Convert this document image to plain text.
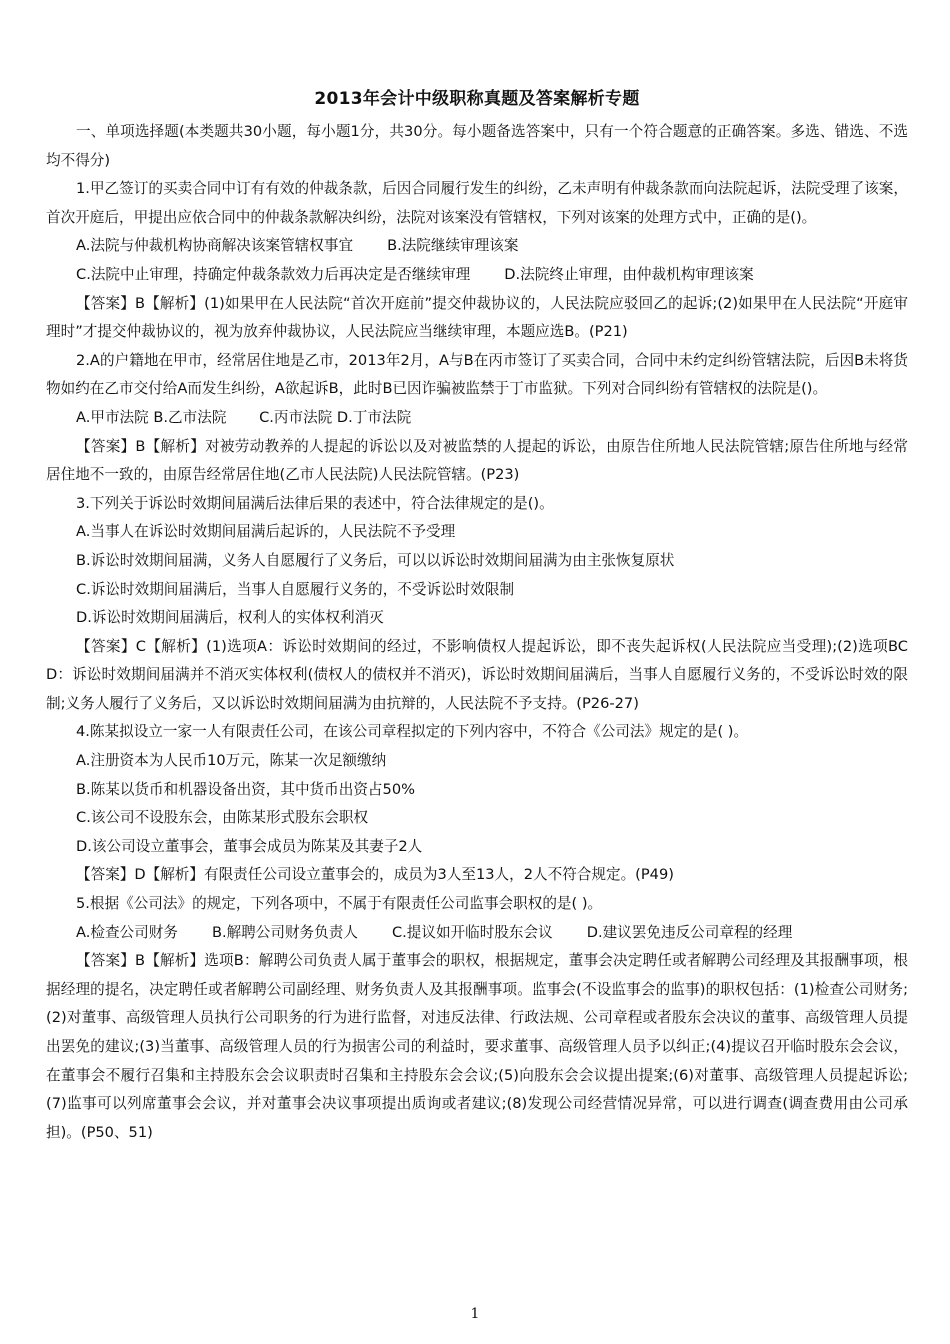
2013年会计中级职称真题及答案解析专题

一、单项选择题(本类题共30小题，每小题1分，共30分。每小题备选答案中，只有一个符合题意的正确答案。多选、错选、不选均不得分)

1.甲乙签订的买卖合同中订有有效的仲裁条款，后因合同履行发生的纠纷，乙未声明有仲裁条款而向法院起诉，法院受理了该案，首次开庭后，甲提出应依合同中的仲裁条款解决纠纷，法院对该案没有管辖权，下列对该案的处理方式中，正确的是()。

A.法院与仲裁机构协商解决该案管辖权事宜 B.法院继续审理该案
C.法院中止审理，持确定仲裁条款效力后再决定是否继续审理 D.法院终止审理，由仲裁机构审理该案

【答案】B【解析】(1)如果甲在人民法院“首次开庭前”提交仲裁协议的，人民法院应驳回乙的起诉;(2)如果甲在人民法院“开庭审理时”才提交仲裁协议的，视为放弃仲裁协议，人民法院应当继续审理，本题应选B。(P21)

2.A的户籍地在甲市，经常居住地是乙市，2013年2月，A与B在丙市签订了买卖合同，合同中未约定纠纷管辖法院，后因B未将货物如约在乙市交付给A而发生纠纷，A欲起诉B，此时B已因诈骗被监禁于丁市监狱。下列对合同纠纷有管辖权的法院是()。

A.甲市法院 B.乙市法院 C.丙市法院 D.丁市法院

【答案】B【解析】对被劳动教养的人提起的诉讼以及对被监禁的人提起的诉讼，由原告住所地人民法院管辖;原告住所地与经常居住地不一致的，由原告经常居住地(乙市人民法院)人民法院管辖。(P23)

3.下列关于诉讼时效期间届满后法律后果的表述中，符合法律规定的是()。

A.当事人在诉讼时效期间届满后起诉的，人民法院不予受理
B.诉讼时效期间届满，义务人自愿履行了义务后，可以以诉讼时效期间届满为由主张恢复原状
C.诉讼时效期间届满后，当事人自愿履行义务的，不受诉讼时效限制
D.诉讼时效期间届满后，权利人的实体权利消灭

【答案】C【解析】(1)选项A：诉讼时效期间的经过，不影响债权人提起诉讼，即不丧失起诉权(人民法院应当受理);(2)选项BCD：诉讼时效期间届满并不消灭实体权利(债权人的债权并不消灭)，诉讼时效期间届满后，当事人自愿履行义务的，不受诉讼时效的限制;义务人履行了义务后，又以诉讼时效期间届满为由抗辩的，人民法院不予支持。(P26-27)

4.陈某拟设立一家一人有限责任公司，在该公司章程拟定的下列内容中，不符合《公司法》规定的是( )。

A.注册资本为人民币10万元，陈某一次足额缴纳
B.陈某以货币和机器设备出资，其中货币出资占50%
C.该公司不设股东会，由陈某形式股东会职权
D.该公司设立董事会，董事会成员为陈某及其妻子2人

【答案】D【解析】有限责任公司设立董事会的，成员为3人至13人，2人不符合规定。(P49)

5.根据《公司法》的规定，下列各项中，不属于有限责任公司监事会职权的是( )。

A.检查公司财务 B.解聘公司财务负责人 C.提议如开临时股东会议 D.建议罢免违反公司章程的经理

【答案】B【解析】选项B：解聘公司负责人属于董事会的职权，根据规定，董事会决定聘任或者解聘公司经理及其报酬事项，根据经理的提名，决定聘任或者解聘公司副经理、财务负责人及其报酬事项。监事会(不设监事会的监事)的职权包括：(1)检查公司财务;(2)对董事、高级管理人员执行公司职务的行为进行监督，对违反法律、行政法规、公司章程或者股东会决议的董事、高级管理人员提出罢免的建议;(3)当董事、高级管理人员的行为损害公司的利益时，要求董事、高级管理人员予以纠正;(4)提议召开临时股东会会议，在董事会不履行召集和主持股东会会议职责时召集和主持股东会会议;(5)向股东会会议提出提案;(6)对董事、高级管理人员提起诉讼;(7)监事可以列席董事会会议，并对董事会决议事项提出质询或者建议;(8)发现公司经营情况异常，可以进行调查(调查费用由公司承担)。(P50、51)

1
